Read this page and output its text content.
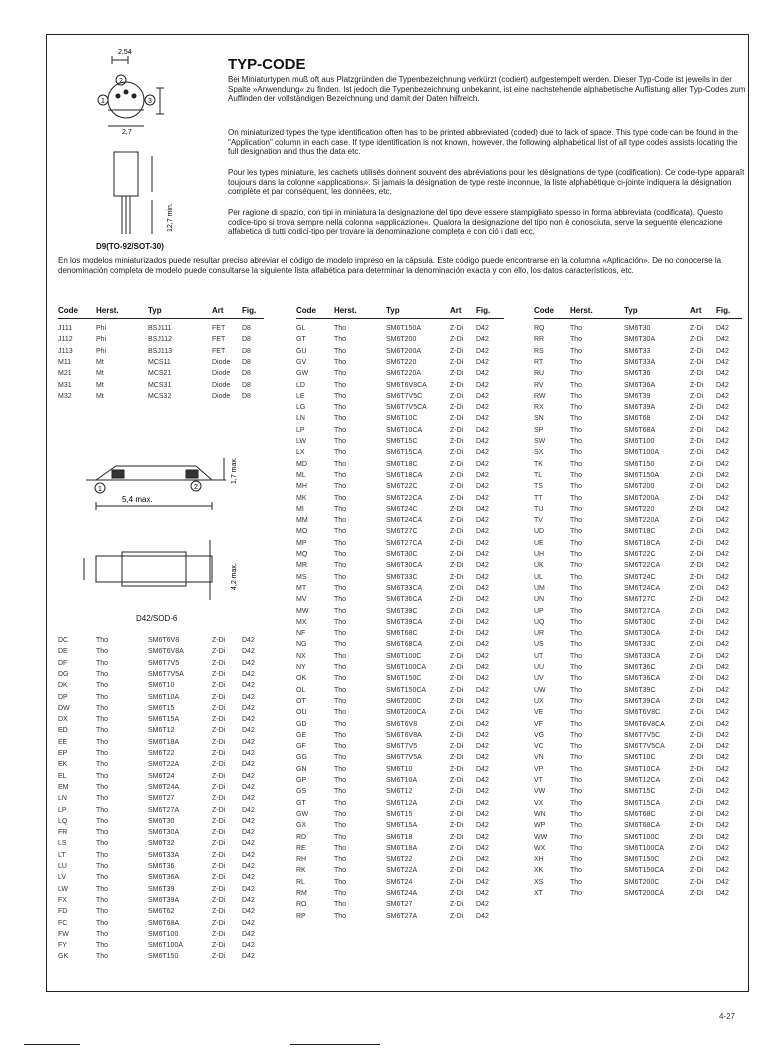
2,54
2
1	3
2,7
12,7 min.
D9(TO-92/SOT-30)
TYP-CODE
Bei Miniaturtypen muß oft aus Platzgründen die Typenbezeichnung verkürzt (codiert) aufgestempelt werden. Dieser Typ-Code ist jeweils in der Spalte »Anwendung« zu finden. Ist jedoch die Typenbezeichnung unbekannt, ist eine nachstehende alphabetische Auflistung aller Typ-Codes zum Auffinden der vollständigen Bezeichnung und damit der Daten hilfreich.
On miniaturized types the type identification often has to be printed abbreviated (coded) due to lack of space. This type code can be found in the "Application" column in each case. If type identification is not known, however, the following alphabetical list of all type codes assists locating the full designation and thus the data etc.
Pour les types miniature, les cachets utilisés donnent souvent des abréviations pour les désignations de type (codification). Ce code-type apparaît toujours dans la colonne «applications». Si jamais la désignation de type reste inconnue, la liste alphabétique ci-jointe indiquera la désignation complète et par conséquent, les données, etc.
Per ragione di spazio, con tipi in miniatura la designazione del tipo deve essere stampigliato spesso in forma abbreviata (codificata). Questo codice-tipo si trova sempre nella colonna »applicazione«. Qualora la designazione del tipo non è conosciuta, serve la seguente elencazione alfabetica di tutti codici-tipo per trovare la denominazione completa e con ciò i dati ecc.
En los modelos miniaturizados puede resultar preciso abreviar el código de modelo impreso en la cápsula. Este código puede encontrarse en la columna «Aplicación». De no conocerse la denominación completa de modelo puede consultarse la siguiente lista alfabética para determinar la denominación exacta y con ello, los datos característicos, etc.
Code Herst.	Typ	Art Fig.	Code Herst.	Typ	Art Fig.	Code Herst.	Typ	Art Fig.
1	2
5,4 max.
1,7 max.
4,2 max.
D42/SOD-6
J111	Phi	BSJ111	FET D8
J112	Phi	BSJ112	FET D8
J113	Phi	BSJ113	FET D8
M11	Mt	MCS11	Diode D8
M21	Mt	MCS21	Diode D8
M31	Mt	MCS31	Diode D8
M32	Mt	MCS32	Diode D8
DC	Tho	SM6T6V8	Z-Di D42
DE	Tho	SM6T6V8A	Z-Di D42
DF	Tho	SM6T7V5	Z-Di D42
DG	Tho	SM6T7V5A	Z-Di D42
DK	Tho	SM6T10	Z-Di D42
DP	Tho	SM6T10A	Z-Di D42
DW	Tho	SM6T15	Z-Di D42
DX	Tho	SM6T15A	Z-Di D42
ED	Tho	SM6T12	Z-Di D42
EE	Tho	SM6T18A	Z-Di D42
EP	Tho	SM6T22	Z-Di D42
EK	Tho	SM6T22A	Z-Di D42
EL	Tho	SM6T24	Z-Di D42
EM	Tho	SM6T24A	Z-Di D42
LN	Tho	SM6T27	Z-Di D42
LP	Tho	SM6T27A	Z-Di D42
LQ	Tho	SM6T30	Z-Di D42
FR	Tho	SM6T30A	Z-Di D42
LS	Tho	SM6T32	Z-Di D42
LT	Tho	SM6T33A	Z-Di D42
LU	Tho	SM6T36	Z-Di D42
LV	Tho	SM6T36A	Z-Di D42
LW	Tho	SM6T39	Z-Di D42
FX	Tho	SM6T39A	Z-Di D42
FD	Tho	SM6T62	Z-Di D42
FC	Tho	SM6T68A	Z-Di D42
FW	Tho	SM6T100	Z-Di D42
FY	Tho	SM6T100A	Z-Di D42
GK	Tho	SM6T150	Z-Di D42
GL	Tho	SM6T150A	Z-Di D42
GT	Tho	SM6T200	Z-Di D42
GU	Tho	SM6T200A	Z-Di D42
GV	Tho	SM6T220	Z-Di D42
GW	Tho	SM6T220A	Z-Di D42
LD	Tho	SM6T6V8CA	Z-Di D42
LE	Tho	SM6T7V5C	Z-Di D42
LG	Tho	SM6T7V5CA	Z-Di D42
LN	Tho	SM6T10C	Z-Di D42
LP	Tho	SM6T10CA	Z-Di D42
LW	Tho	SM6T15C	Z-Di D42
LX	Tho	SM6T15CA	Z-Di D42
MD	Tho	SM6T18C	Z-Di D42
ML	Tho	SM6T18CA	Z-Di D42
MH	Tho	SM6T22C	Z-Di D42
MK	Tho	SM6T22CA	Z-Di D42
MI	Tho	SM6T24C	Z-Di D42
MM	Tho	SM6T24CA	Z-Di D42
MO	Tho	SM6T27C	Z-Di D42
MP	Tho	SM6T27CA	Z-Di D42
MQ	Tho	SM6T30C	Z-Di D42
MR	Tho	SM6T30CA	Z-Di D42
MS	Tho	SM6T33C	Z-Di D42
MT	Tho	SM6T33CA	Z-Di D42
MV	Tho	SM6T36CA	Z-Di D42
MW	Tho	SM6T39C	Z-Di D42
MX	Tho	SM6T39CA	Z-Di D42
NF	Tho	SM6T68C	Z-Di D42
NG	Tho	SM6T68CA	Z-Di D42
NX	Tho	SM6T100C	Z-Di D42
NY	Tho	SM6T100CA	Z-Di D42
OK	Tho	SM6T150C	Z-Di D42
OL	Tho	SM6T150CA	Z-Di D42
OT	Tho	SM6T200C	Z-Di D42
OU	Tho	SM6T200CA	Z-Di D42
GD	Tho	SM6T6V8	Z-Di D42
GE	Tho	SM6T6V8A	Z-Di D42
GF	Tho	SM6T7V5	Z-Di D42
GG	Tho	SM6T7V5A	Z-Di D42
GN	Tho	SM6T10	Z-Di D42
GP	Tho	SM6T10A	Z-Di D42
GS	Tho	SM6T12	Z-Di D42
GT	Tho	SM6T12A	Z-Di D42
GW	Tho	SM6T15	Z-Di D42
GX	Tho	SM6T15A	Z-Di D42
RD	Tho	SM6T18	Z-Di D42
RE	Tho	SM6T18A	Z-Di D42
RH	Tho	SM6T22	Z-Di D42
RK	Tho	SM6T22A	Z-Di D42
RL	Tho	SM6T24	Z-Di D42
RM	Tho	SM6T24A	Z-Di D42
RO	Tho	SM6T27	Z-Di D42
RP	Tho	SM6T27A	Z-Di D42
RQ	Tho	SM6T30	Z-Di D42
RR	Tho	SM6T30A	Z-Di D42
RS	Tho	SM6T33	Z-Di D42
RT	Tho	SM6T33A	Z-Di D42
RU	Tho	SM6T36	Z-Di D42
RV	Tho	SM6T36A	Z-Di D42
RW	Tho	SM6T39	Z-Di D42
RX	Tho	SM6T39A	Z-Di D42
SN	Tho	SM6T68	Z-Di D42
SP	Tho	SM6T68A	Z-Di D42
SW	Tho	SM6T100	Z-Di D42
SX	Tho	SM6T100A	Z-Di D42
TK	Tho	SM6T150	Z-Di D42
TL	Tho	SM6T150A	Z-Di D42
TS	Tho	SM6T200	Z-Di D42
TT	Tho	SM6T200A	Z-Di D42
TU	Tho	SM6T220	Z-Di D42
TV	Tho	SM6T220A	Z-Di D42
UD	Tho	SM6T18C	Z-Di D42
UE	Tho	SM6T18CA	Z-Di D42
UH	Tho	SM6T22C	Z-Di D42
UK	Tho	SM6T22CA	Z-Di D42
UL	Tho	SM6T24C	Z-Di D42
UM	Tho	SM6T24CA	Z-Di D42
UN	Tho	SM6T27C	Z-Di D42
UP	Tho	SM6T27CA	Z-Di D42
UQ	Tho	SM6T30C	Z-Di D42
UR	Tho	SM6T30CA	Z-Di D42
US	Tho	SM6T33C	Z-Di D42
UT	Tho	SM6T33CA	Z-Di D42
UU	Tho	SM6T36C	Z-Di D42
UV	Tho	SM6T36CA	Z-Di D42
UW	Tho	SM6T39C	Z-Di D42
UX	Tho	SM6T39CA	Z-Di D42
VE	Tho	SM6T6V8C	Z-Di D42
VF	Tho	SM6T6V8CA	Z-Di D42
VG	Tho	SM6T7V5C	Z-Di D42
VC	Tho	SM6T7V5CA	Z-Di D42
VN	Tho	SM6T10C	Z-Di D42
VP	Tho	SM6T10CA	Z-Di D42
VT	Tho	SM6T12CA	Z-Di D42
VW	Tho	SM6T15C	Z-Di D42
VX	Tho	SM6T15CA	Z-Di D42
WN	Tho	SM6T68C	Z-Di D42
WP	Tho	SM6T68CA	Z-Di D42
WW	Tho	SM6T100C	Z-Di D42
WX	Tho	SM6T100CA	Z-Di D42
XH	Tho	SM6T150C	Z-Di D42
XK	Tho	SM6T150CA	Z-Di D42
XS	Tho	SM6T200C	Z-Di D42
XT	Tho	SM6T200CA	Z-Di D42
4-27
